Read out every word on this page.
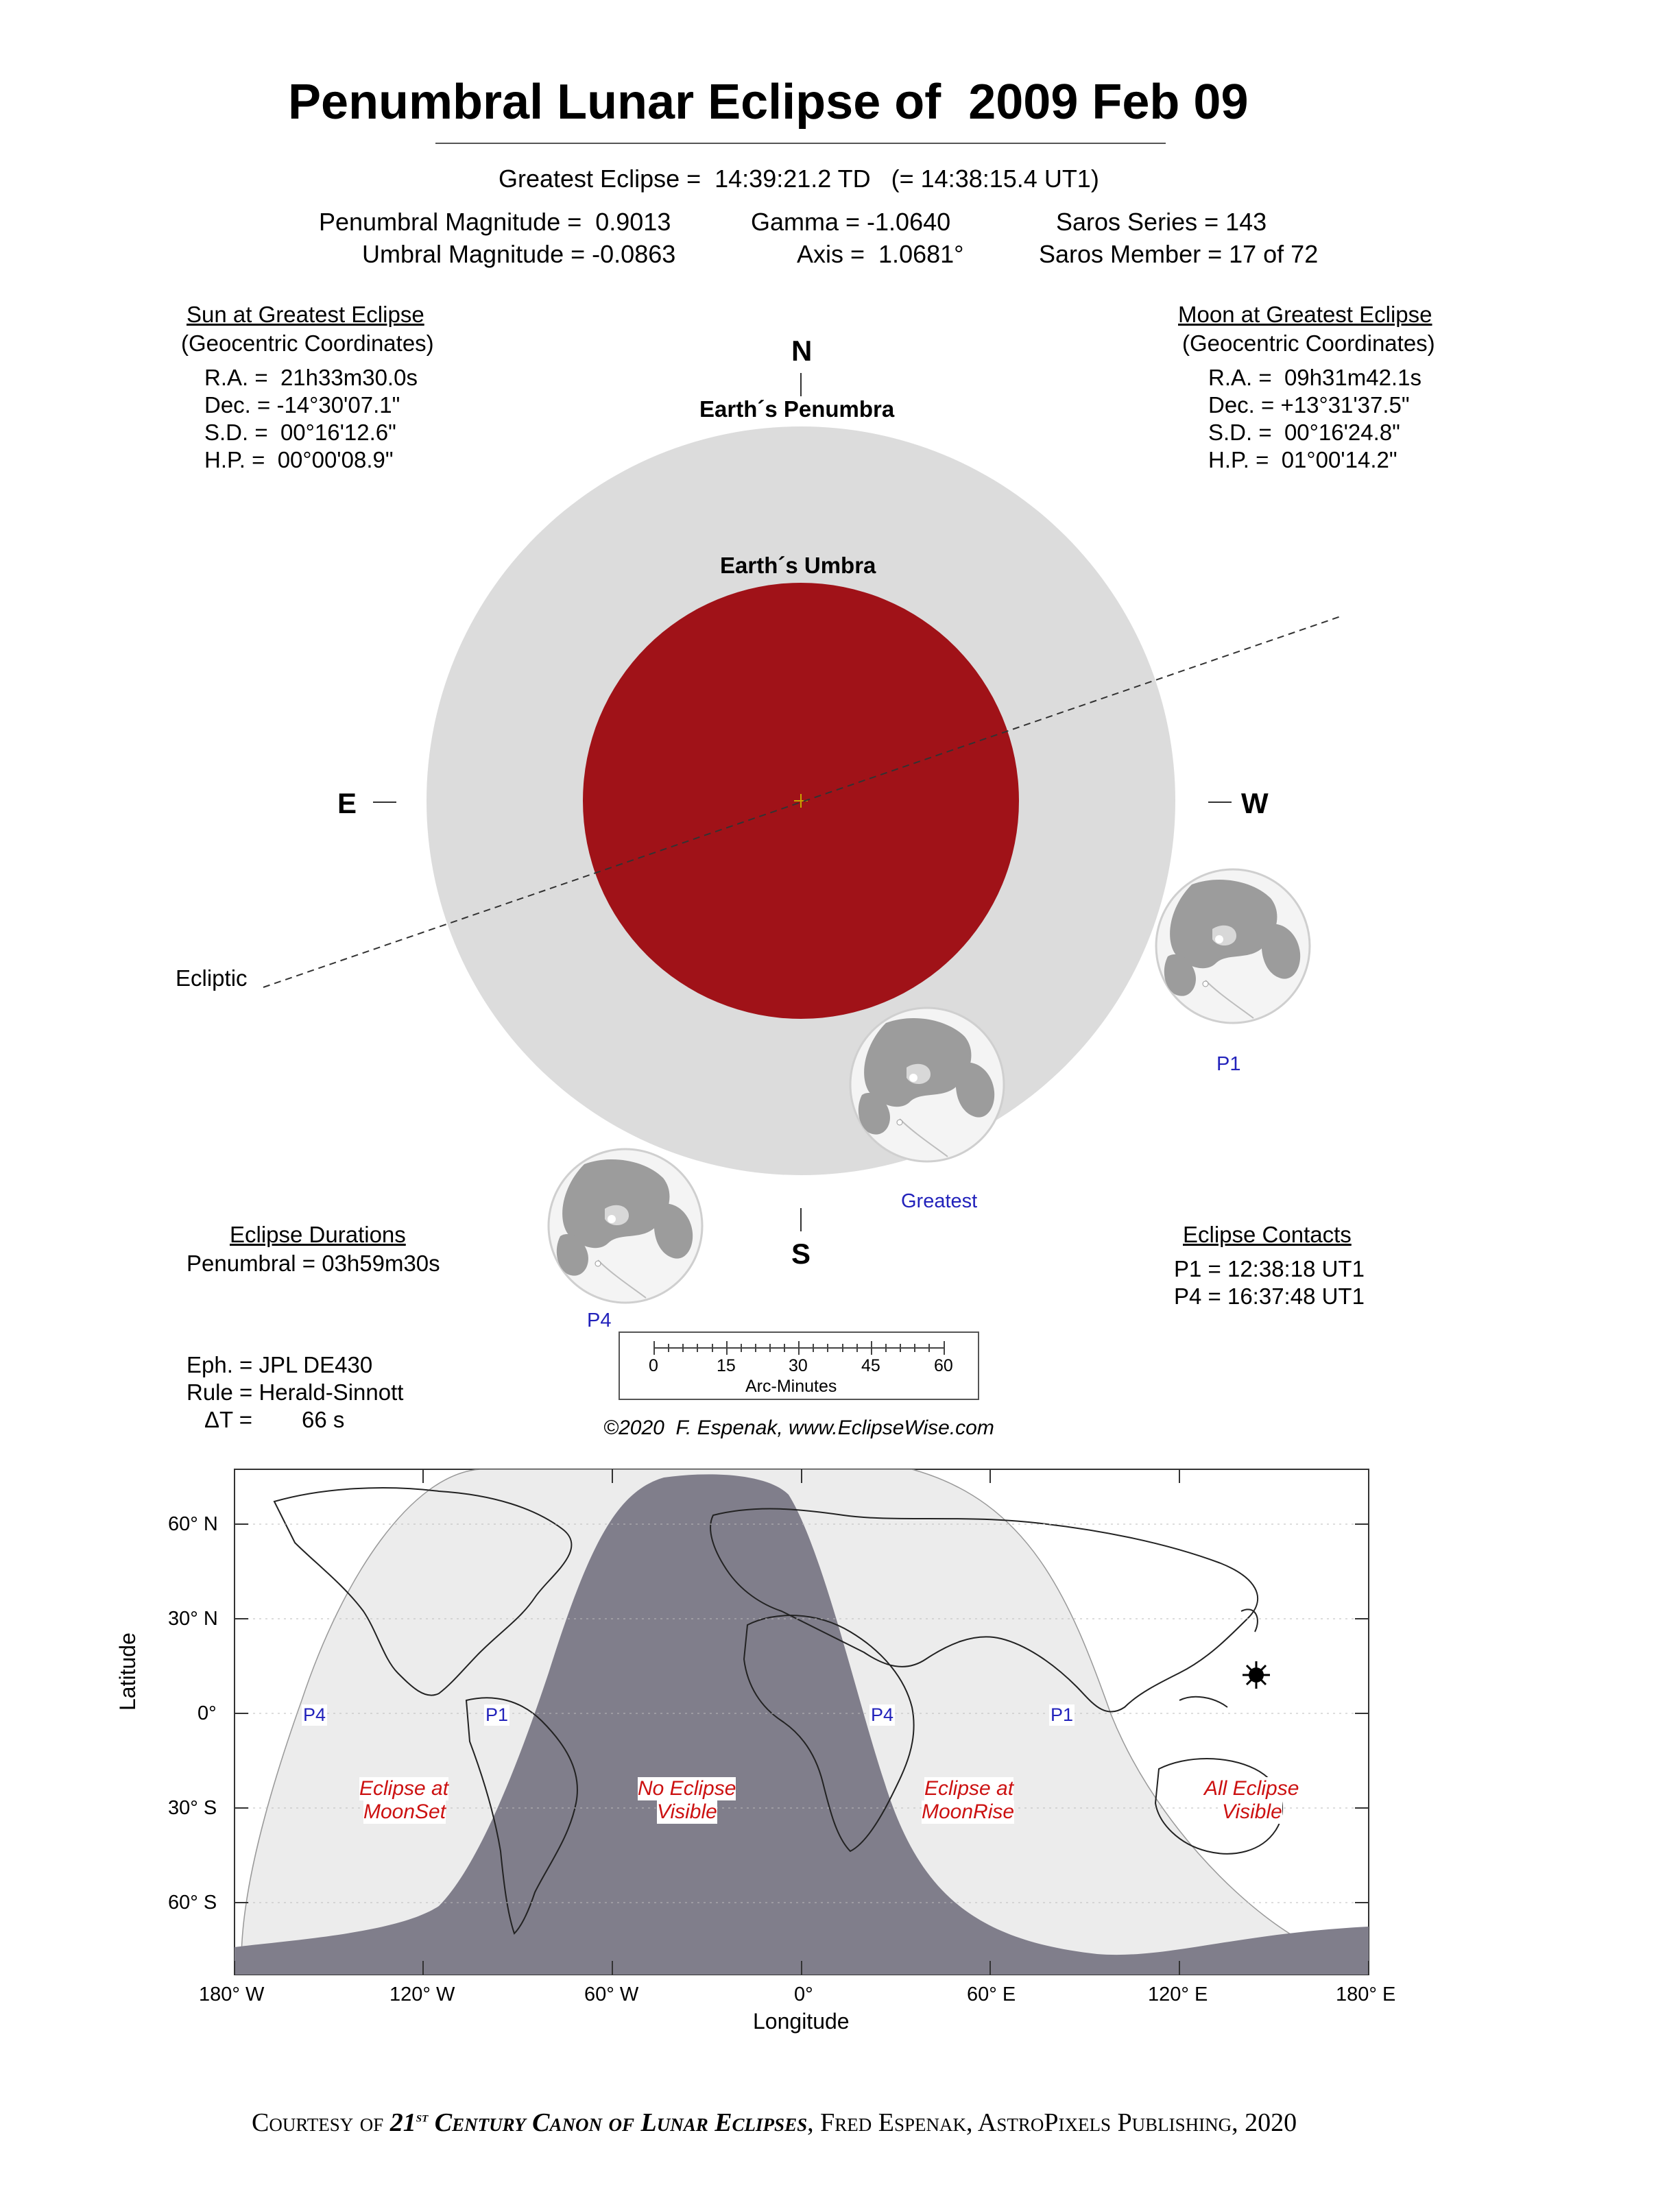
Penumbral Lunar Eclipse of  2009 Feb 09
Greatest Eclipse =  14:39:21.2 TD   (= 14:38:15.4 UT1)
Penumbral Magnitude =  0.9013
Umbral Magnitude = -0.0863
Gamma = -1.0640
Axis =  1.0681°
Saros Series = 143
Saros Member = 17 of 72
Sun at Greatest Eclipse
(Geocentric Coordinates)
R.A. =  21h33m30.0s
Dec. = -14°30'07.1"
S.D. =  00°16'12.6"
H.P. =  00°00'08.9"
Moon at Greatest Eclipse
(Geocentric Coordinates)
R.A. =  09h31m42.1s
Dec. = +13°31'37.5"
S.D. =  00°16'24.8"
H.P. =  01°00'14.2"
N
S
E	W
Earth´s Penumbra
Earth´s Umbra
Ecliptic
P1
Greatest
P4
Eclipse Durations
Penumbral = 03h59m30s
Eclipse Contacts
P1 = 12:38:18 UT1
P4 = 16:37:48 UT1
Eph. = JPL DE430
Rule = Herald-Sinnott
ΔT = 66 s
0	15	30	45	60
Arc-Minutes
©2020  F. Espenak, www.EclipseWise.com
60° N
30° N
0°
30° S
60° S
Latitude
180° W	120° W	60° W	0°	60° E	120° E	180° E
Longitude
P4	P1	P4	P1
Eclipse at
MoonSet
No Eclipse
Visible
Eclipse at
MoonRise
All Eclipse
Visible

Courtesy of 21st Century Canon of Lunar Eclipses, Fred Espenak, AstroPixels Publishing, 2020
